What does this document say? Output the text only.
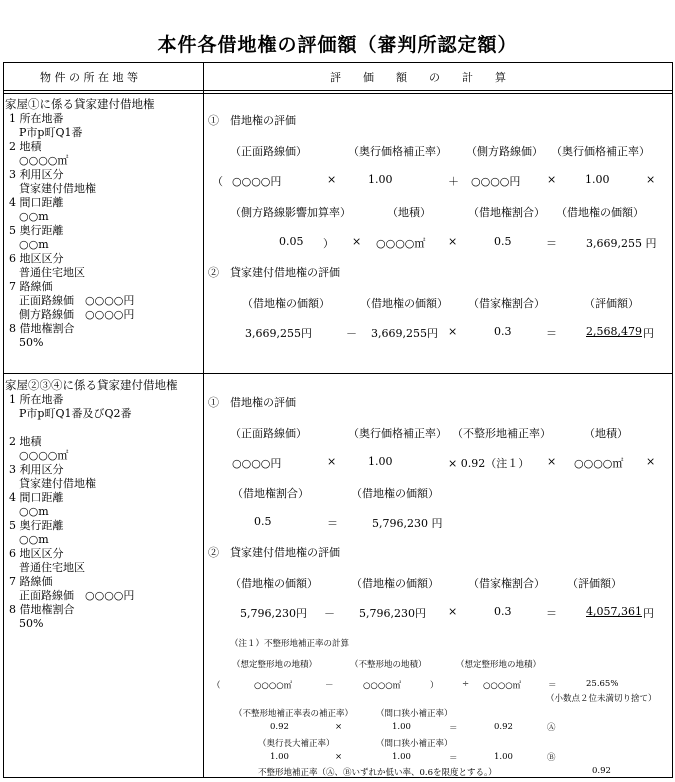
本件各借地権の評価額（審判所認定額）
物 件 の 所 在 地 等	評　　価　　額　　の　　計　　算
家屋①に係る貸家建付借地権
1 所在地番
P市p町Q1番
2 地積
○○○○㎡
3 利用区分
貸家建付借地権
4 間口距離
○○m
5 奥行距離
○○m
6 地区区分
普通住宅地区
7 路線価
正面路線価　○○○○円
側方路線価　○○○○円
8 借地権割合
50%
①　借地権の評価
（正面路線価）	（奥行価格補正率） （側方路線価） （奥行価格補正率）
（ ○○○○円	×	1.00	＋ ○○○○円 ×	1.00	×
（側方路線影響加算率）	（地積）	（借地権割合） （借地権の価額）
0.05 ） × ○○○○㎡ ×	0.5	＝	3,669,255 円
②　貸家建付借地権の評価
（借地権の価額）	（借地権の価額） （借家権割合）	（評価額）
3,669,255円	－ 3,669,255円 ×	0.3	＝	2,568,479 円
家屋②③④に係る貸家建付借地権
1 所在地番
P市p町Q1番及びQ2番
2 地積
○○○○㎡
3 利用区分
貸家建付借地権
4 間口距離
○○m
5 奥行距離
○○m
6 地区区分
普通住宅地区
7 路線価
正面路線価　○○○○円
8 借地権割合
50%
①　借地権の評価
（正面路線価）	（奥行価格補正率） （不整形地補正率）	（地積）
○○○○円	×	1.00	× 0.92（注１） × ○○○○㎡ ×
（借地権割合）	（借地権の価額）
0.5	＝	5,796,230 円
②　貸家建付借地権の評価
（借地権の価額）	（借地権の価額）	（借家権割合） （評価額）
5,796,230円 － 5,796,230円 ×	0.3	＝	4,057,361 円
（注１）不整形地補正率の計算
（想定整形地の地積）	（不整形地の地積）	（想定整形地の地積）
（	○○○○㎡	－	○○○○㎡	）	÷ ○○○○㎡	＝	25.65%
（小数点２位未満切り捨て）
（不整形地補正率表の補正率）	（間口狭小補正率）
0.92	×	1.00	＝	0.92	Ⓐ
（奥行長大補正率）	（間口狭小補正率）
1.00	×	1.00	＝	1.00	Ⓑ
不整形地補正率（Ⓐ、Ⓑいずれか低い率、0.6を限度とする。）	0.92
